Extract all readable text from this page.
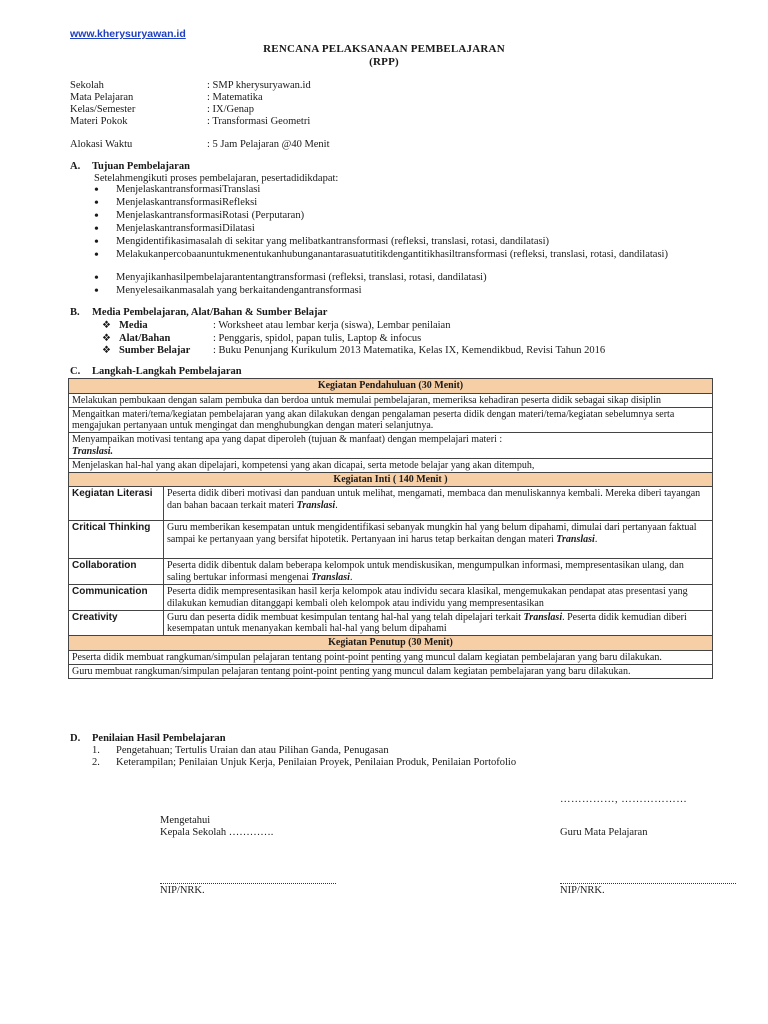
www.kherysuryawan.id
RENCANA PELAKSANAAN PEMBELAJARAN
(RPP)
Sekolah	: SMP kherysuryawan.id
Mata Pelajaran	: Matematika
Kelas/Semester	: IX/Genap
Materi Pokok	: Transformasi Geometri
Alokasi Waktu	: 5 Jam Pelajaran @40 Menit
A. Tujuan Pembelajaran
Setelahmengikuti proses pembelajaran, pesertadidikdapat:
• MenjelaskantransformasiTranslasi
• MenjelaskantransformasiRefleksi
• MenjelaskantransformasiRotasi (Perputaran)
• MenjelaskantransformasiDilatasi
• Mengidentifikasimasalah di sekitar yang melibatkantransformasi (refleksi, translasi, rotasi, dandilatasi)
• Melakukanpercobaanuntukmenentukanhubunganantarasuatutitikdengantitikhasiltransformasi (refleksi, translasi, rotasi, dandilatasi)
• Menyajikanhasilpembelajarantentangtransformasi (refleksi, translasi, rotasi, dandilatasi)
• Menyelesaikanmasalah yang berkaitandengantransformasi
B. Media Pembelajaran, Alat/Bahan & Sumber Belajar
❖ Media	: Worksheet atau lembar kerja (siswa), Lembar penilaian
❖ Alat/Bahan	: Penggaris, spidol, papan tulis, Laptop & infocus
❖ Sumber Belajar : Buku Penunjang Kurikulum 2013 Matematika, Kelas IX, Kemendikbud, Revisi Tahun 2016
C. Langkah-Langkah Pembelajaran
Kegiatan Pendahuluan (30 Menit)	
Melakukan pembukaan dengan salam pembuka dan berdoa untuk memulai pembelajaran, memeriksa kehadiran peserta didik sebagai sikap disiplin	
Mengaitkan materi/tema/kegiatan pembelajaran yang akan dilakukan dengan pengalaman peserta didik dengan materi/tema/kegiatan sebelumnya serta mengajukan pertanyaan untuk mengingat dan menghubungkan dengan materi selanjutnya.	

Menyampaikan motivasi tentang apa yang dapat diperoleh (tujuan & manfaat) dengan mempelajari materi :
Translasi.	

Menjelaskan hal-hal yang akan dipelajari, kompetensi yang akan dicapai, serta metode belajar yang akan ditempuh,	
Kegiatan Inti ( 140 Menit )	
Kegiatan Literasi	Peserta didik diberi motivasi dan panduan untuk melihat, mengamati, membaca dan menuliskannya kembali. Mereka diberi tayangan dan bahan bacaan terkait materi Translasi.
Critical Thinking	Guru memberikan kesempatan untuk mengidentifikasi sebanyak mungkin hal yang belum dipahami, dimulai dari pertanyaan faktual sampai ke pertanyaan yang bersifat hipotetik. Pertanyaan ini harus tetap berkaitan dengan materi Translasi.
Collaboration	Peserta didik dibentuk dalam beberapa kelompok untuk mendiskusikan, mengumpulkan informasi, mempresentasikan ulang, dan saling bertukar informasi mengenai Translasi.
Communication	Peserta didik mempresentasikan hasil kerja kelompok atau individu secara klasikal, mengemukakan pendapat atas presentasi yang dilakukan kemudian ditanggapi kembali oleh kelompok atau individu yang mempresentasikan
Creativity	Guru dan peserta didik membuat kesimpulan tentang hal-hal yang telah dipelajari terkait Translasi. Peserta didik kemudian diberi kesempatan untuk menanyakan kembali hal-hal yang belum dipahami
Kegiatan Penutup (30 Menit)	
Peserta didik membuat rangkuman/simpulan pelajaran tentang point-point penting yang muncul dalam kegiatan pembelajaran yang baru dilakukan.	
Guru membuat rangkuman/simpulan pelajaran tentang point-point penting yang muncul dalam kegiatan pembelajaran yang baru dilakukan.	
D. Penilaian Hasil Pembelajaran
1. Pengetahuan; Tertulis Uraian dan atau Pilihan Ganda, Penugasan
2. Keterampilan; Penilaian Unjuk Kerja, Penilaian Proyek, Penilaian Produk, Penilaian Portofolio
……………, ………………
Mengetahui
Kepala Sekolah ………….	Guru Mata Pelajaran
NIP/NRK.	NIP/NRK.
